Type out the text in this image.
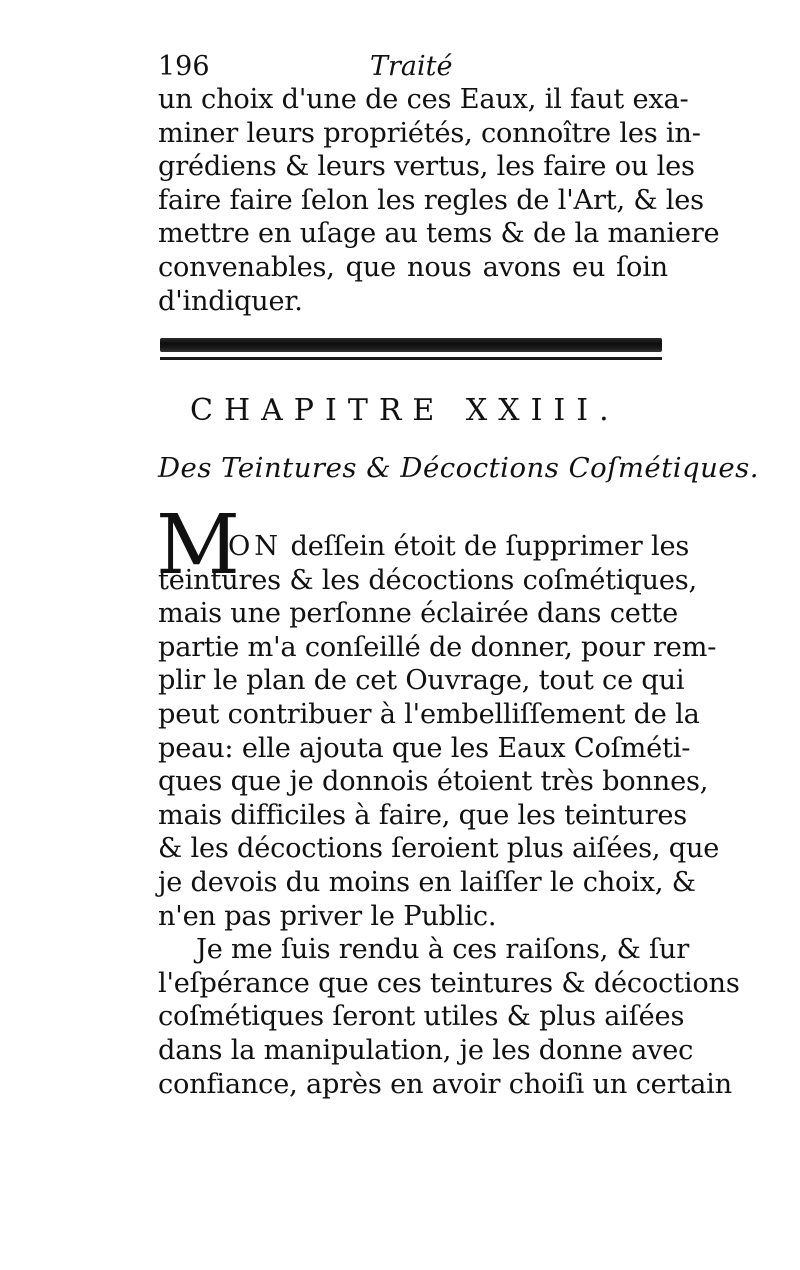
196	Traité
un choix d'une de ces Eaux, il faut exa-
miner leurs propriétés, connoître les in-
grédiens & leurs vertus, les faire ou les
faire faire ſelon les regles de l'Art, & les
mettre en uſage au tems & de la maniere
convenables, que nous avons eu ſoin
d'indiquer.
CHAPITRE XXIII.
Des Teintures & Décoctions Coſmétiques.
M
ON deſſein étoit de ſupprimer les
teintures & les décoctions coſmétiques,
mais une perſonne éclairée dans cette
partie m'a conſeillé de donner, pour rem-
plir le plan de cet Ouvrage, tout ce qui
peut contribuer à l'embelliſſement de la
peau: elle ajouta que les Eaux Coſméti-
ques que je donnois étoient très bonnes,
mais difficiles à faire, que les teintures
& les décoctions ſeroient plus aiſées, que
je devois du moins en laiſſer le choix, &
n'en pas priver le Public.
Je me ſuis rendu à ces raiſons, & ſur
l'eſpérance que ces teintures & décoctions
coſmétiques ſeront utiles & plus aiſées
dans la manipulation, je les donne avec
confiance, après en avoir choiſi un certain
